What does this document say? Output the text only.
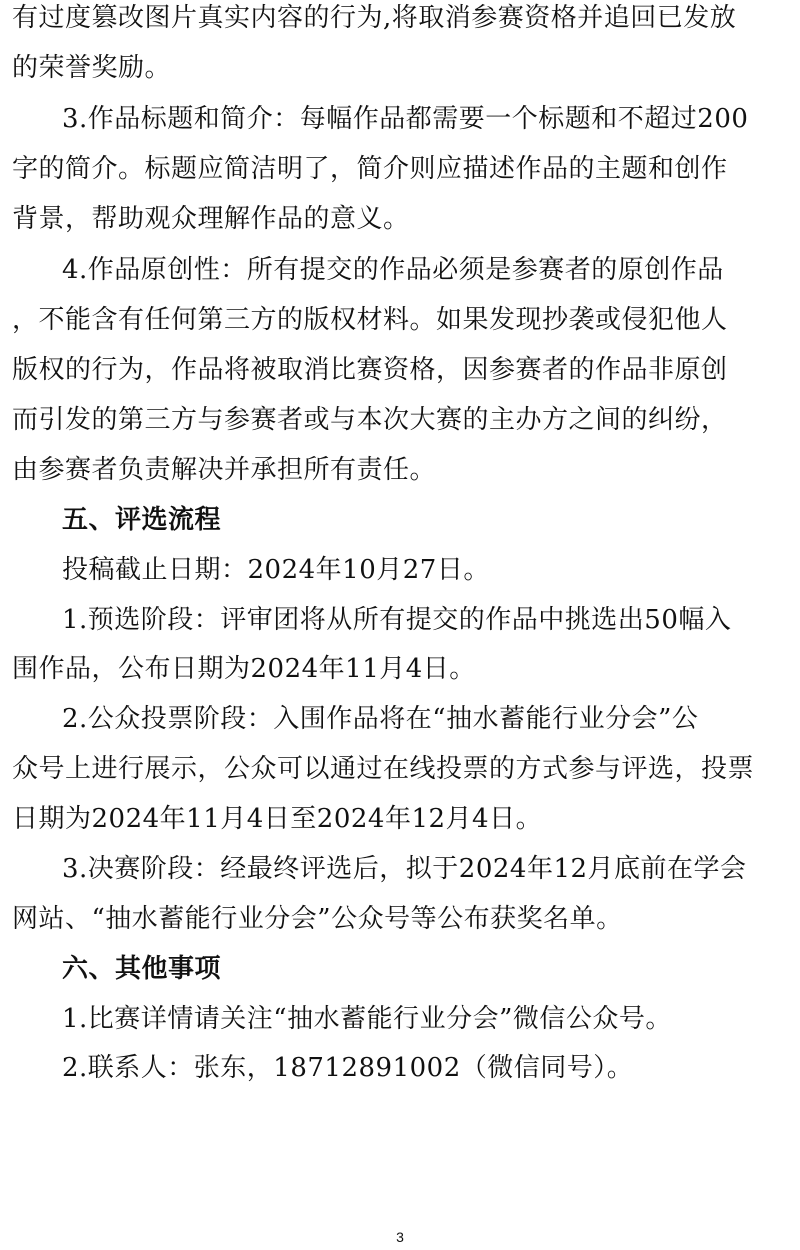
有过度篡改图片真实内容的行为,将取消参赛资格并追回已发放
的荣誉奖励。
3.作品标题和简介：每幅作品都需要一个标题和不超过200
字的简介。标题应简洁明了，简介则应描述作品的主题和创作
背景，帮助观众理解作品的意义。
4.作品原创性：所有提交的作品必须是参赛者的原创作品
，不能含有任何第三方的版权材料。如果发现抄袭或侵犯他人
版权的行为，作品将被取消比赛资格，因参赛者的作品非原创
而引发的第三方与参赛者或与本次大赛的主办方之间的纠纷，
由参赛者负责解决并承担所有责任。
五、评选流程
投稿截止日期：2024年10月27日。
1.预选阶段：评审团将从所有提交的作品中挑选出50幅入
围作品，公布日期为2024年11月4日。
2.公众投票阶段：入围作品将在“抽水蓄能行业分会”公
众号上进行展示，公众可以通过在线投票的方式参与评选，投票
日期为2024年11月4日至2024年12月4日。
3.决赛阶段：经最终评选后，拟于2024年12月底前在学会
网站、“抽水蓄能行业分会”公众号等公布获奖名单。
六、其他事项
1.比赛详情请关注“抽水蓄能行业分会”微信公众号。
2.联系人：张东，18712891002（微信同号）。
3
